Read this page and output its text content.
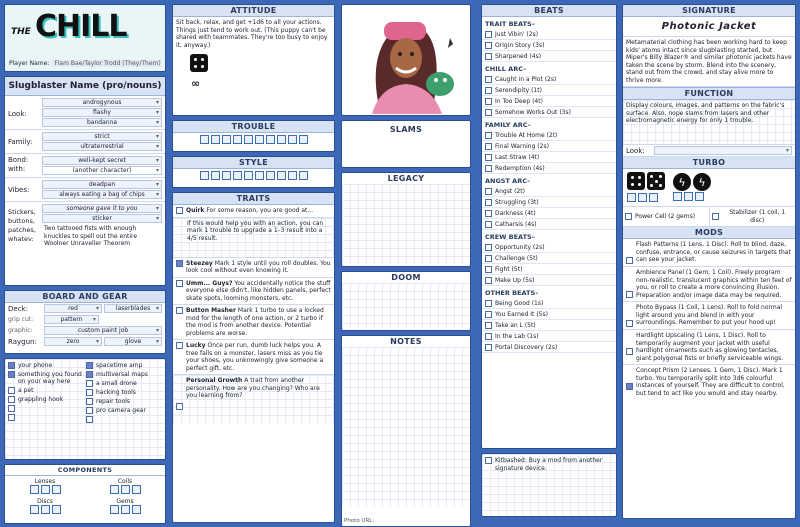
THE CHILL
Player Name: Flam Bae/Taylor Trodd (They/Them)
Slugblaster Name (pro/nouns)
Look:
androgynous ▾
flashy ▾
bandanna ▾
Family:
strict ▾
ultraterrestrial ▾
Bond: with:
well-kept secret ▾
(another character) ▾
Vibes:
deadpan ▾
always eating a bag of chips ▾
Stickers, buttons, patches, whatev:
someone gave it to you ▾
sticker ▾
Two tattooed fists with enough knuckles to spell out the entire Woolner Unraveller Theorem
BOARD AND GEAR
Deck:	red ▾	laserblades ▾
grip cut:	pattern ▾
graphic:	custom paint job ▾
Raygun:	zero ▾	glove ▾
your phone
something you found on your way here
a pet
grappling hook
spacetime amp
multiversal maps
a small drone
hacking tools
repair tools
pro camera gear
COMPONENTS
Lenses	Coils
Discs	Gems
ATTITUDE
Sit back, relax, and get +1d6 to all your actions. Things just tend to work out. (This puppy can't be shared with teammates. They're too busy to enjoy it, anyway.)
∞
TROUBLE
STYLE
TRAITS
Quirk For some reason, you are good at...
If this would help you with an action, you can mark 1 trouble to upgrade a 1–3 result into a 4/5 result.
Steezey Mark 1 style until you roll doubles. You look cool without even knowing it.
Umm... Guys? You accidentally notice the stuff everyone else didn't, like hidden panels, perfect skate spots, looming monsters, etc.
Button Masher Mark 1 turbo to use a locked mod for the length of one action, or 2 turbo if the mod is from another device. Potential problems are worse.
Lucky Once per run, dumb luck helps you. A tree falls on a monster, lasers miss as you tie your shoes, you unknowingly give someone a perfect gift, etc.
Personal Growth A trait from another personality. How are you changing? Who are you learning from?
SLAMS
LEGACY
DOOM
NOTES
Photo URL:
BEATS
TRAIT BEATS–
Just Vibin' (2s)
Origin Story (3s)
Sharpened (4s)
CHILL ARC–
Caught in a Plot (2s)
Serendipity (1t)
In Too Deep (4t)
Somehow Works Out (3s)
FAMILY ARC–
Trouble At Home (2t)
Final Warning (2s)
Last Straw (4t)
Redemption (4s)
ANGST ARC–
Angst (2t)
Struggling (3t)
Darkness (4t)
Catharsis (4s)
CREW BEATS–
Opportunity (2s)
Challenge (5t)
Fight (5t)
Make Up (5s)
OTHER BEATS–
Being Good (1s)
You Earned It (5s)
Take an L (5t)
In the Lab (1s)
Portal Discovery (2s)
Kitbashed: Buy a mod from another signature device.
SIGNATURE
Photonic Jacket
Metamaterial clothing has been working hard to keep kids' atoms intact since slugblasting started, but Miper's Billy Blazer® and similar photonic jackets have taken the scene by storm. Blend into the scenery, stand out from the crowd, and stay alive more to thrive more.
FUNCTION
Display colours, images, and patterns on the fabric's surface. Also, nope slams from lasers and other electromagnetic energy for only 1 trouble.
Look:
▾
TURBO
ϟ ϟ
Power Cell (2 gems)
Stabilizer (1 coil, 1 disc)
MODS
Flash Patterns (1 Lens, 1 Disc). Roll to blind, daze, confuse, entrance, or cause seizures in targets that can see your jacket.
Ambience Panel (1 Gem, 1 Coil). Freely program non-realistic, translucent graphics within ten feet of you, or roll to create a more convincing illusion. Preparation and/or image data may be required.
Photo Bypass (1 Coil, 1 Lens). Roll to fold normal light around you and blend in with your surroundings. Remember to put your hood up!
Hardlight Upscaling (1 Lens, 1 Disc). Roll to temporarily augment your jacket with useful hardlight ornaments such as glowing tentacles, giant polygonal fists or briefly serviceable wings.
Concept Prism (2 Lenses, 1 Gem, 1 Disc). Mark 1 turbo. You temporarily split into 3d6 colourful instances of yourself. They are difficult to control, but tend to act like you would and stay nearby.
